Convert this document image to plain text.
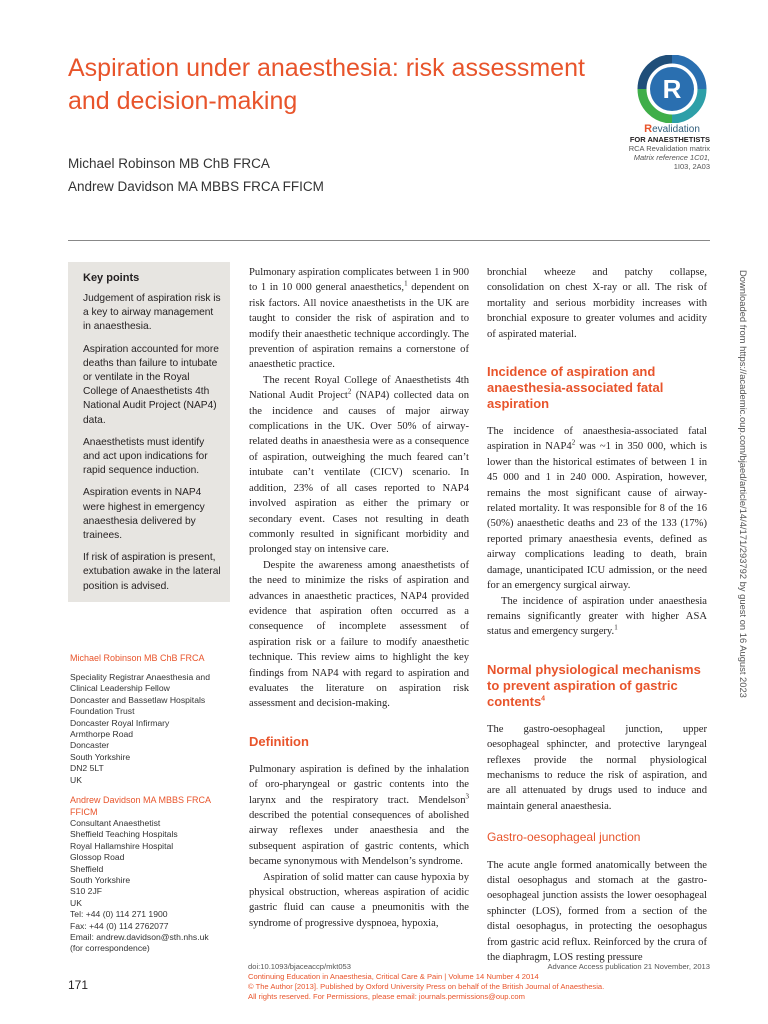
Aspiration under anaesthesia: risk assessment and decision-making
Michael Robinson MB ChB FRCA
Andrew Davidson MA MBBS FRCA FFICM
R
Revalidation
FOR ANAESTHETISTS
RCA Revalidation matrix
Matrix reference 1C01,
1I03, 2A03
Key points

Judgement of aspiration risk is a key to airway management in anaesthesia.

Aspiration accounted for more deaths than failure to intubate or ventilate in the Royal College of Anaesthetists 4th National Audit Project (NAP4) data.

Anaesthetists must identify and act upon indications for rapid sequence induction.

Aspiration events in NAP4 were highest in emergency anaesthesia delivered by trainees.

If risk of aspiration is present, extubation awake in the lateral position is advised.

Michael Robinson MB ChB FRCA
Speciality Registrar Anaesthesia and
Clinical Leadership Fellow
Doncaster and Bassetlaw Hospitals
Foundation Trust
Doncaster Royal Infirmary
Armthorpe Road
Doncaster
South Yorkshire
DN2 5LT
UK
Andrew Davidson MA MBBS FRCA FFICM
Consultant Anaesthetist
Sheffield Teaching Hospitals
Royal Hallamshire Hospital
Glossop Road
Sheffield
South Yorkshire
S10 2JF
UK
Tel: +44 (0) 114 271 1900
Fax: +44 (0) 114 2762077
Email: andrew.davidson@sth.nhs.uk
(for correspondence)

Pulmonary aspiration complicates between 1 in 900 to 1 in 10 000 general anaesthetics,$^1$ dependent on risk factors. All novice anaesthetists in the UK are taught to consider the risk of aspiration and to modify their anaesthetic technique accordingly. The prevention of aspiration remains a cornerstone of anaesthetic practice.

The recent Royal College of Anaesthetists 4th National Audit Project$^2$ (NAP4) collected data on the incidence and causes of major airway complications in the UK. Over 50% of airway-related deaths in anaesthesia were as a consequence of aspiration, outweighing the much feared can’t intubate can’t ventilate (CICV) scenario. In addition, 23% of all cases reported to NAP4 involved aspiration as either the primary or secondary event. Cases not resulting in death commonly resulted in significant morbidity and prolonged stay on intensive care.

Despite the awareness among anaesthetists of the need to minimize the risks of aspiration and advances in anaesthetic practices, NAP4 provided evidence that aspiration often occurred as a consequence of incomplete assessment of aspiration risk or a failure to modify anaesthetic technique. This review aims to highlight the key findings from NAP4 with regard to aspiration and evaluates the literature on aspiration risk assessment and decision-making.

Definition

Pulmonary aspiration is defined by the inhalation of oro-pharyngeal or gastric contents into the larynx and the respiratory tract. Mendelson$^3$ described the potential consequences of abolished airway reflexes under anaesthesia and the subsequent aspiration of gastric contents, which became synonymous with Mendelson’s syndrome.

Aspiration of solid matter can cause hypoxia by physical obstruction, whereas aspiration of acidic gastric fluid can cause a pneumonitis with the syndrome of progressive dyspnoea, hypoxia,

bronchial wheeze and patchy collapse, consolidation on chest X-ray or all. The risk of mortality and serious morbidity increases with bronchial exposure to greater volumes and acidity of aspirated material.

Incidence of aspiration and anaesthesia-associated fatal aspiration

The incidence of anaesthesia-associated fatal aspiration in $NAP4^2$ was ~1 in 350 000, which is lower than the historical estimates of between 1 in 45 000 and 1 in 240 000. Aspiration, however, remains the most significant cause of airway-related mortality. It was responsible for 8 of the 16 (50%) anaesthetic deaths and 23 of the 133 (17%) reported primary anaesthesia events, defined as airway complications leading to death, brain damage, unanticipated ICU admission, or the need for an emergency surgical airway.

The incidence of aspiration under anaesthesia remains significantly greater with higher ASA status and emergency surgery.$^1$

Normal physiological mechanisms to prevent aspiration of gastric contents$^4$

The gastro-oesophageal junction, upper oesophageal sphincter, and protective laryngeal reflexes provide the normal physiological mechanisms to reduce the risk of aspiration, and are all attenuated by drugs used to induce and maintain general anaesthesia.

Gastro-oesophageal junction

The acute angle formed anatomically between the distal oesophagus and stomach at the gastro-oesophageal junction assists the lower oesophageal sphincter (LOS), formed from a section of the distal oesophagus, in protecting the oesophagus from gastric acid reflux. Reinforced by the crura of the diaphragm, LOS resting pressure

Downloaded from https://academic.oup.com/bjaed/article/14/4/171/293792 by guest on 16 August 2023
171
doi:10.1093/bjaceaccp/mkt053	Advance Access publication 21 November, 2013
Continuing Education in Anaesthesia, Critical Care & Pain | Volume 14 Number 4 2014
© The Author [2013]. Published by Oxford University Press on behalf of the British Journal of Anaesthesia.
All rights reserved. For Permissions, please email: journals.permissions@oup.com
